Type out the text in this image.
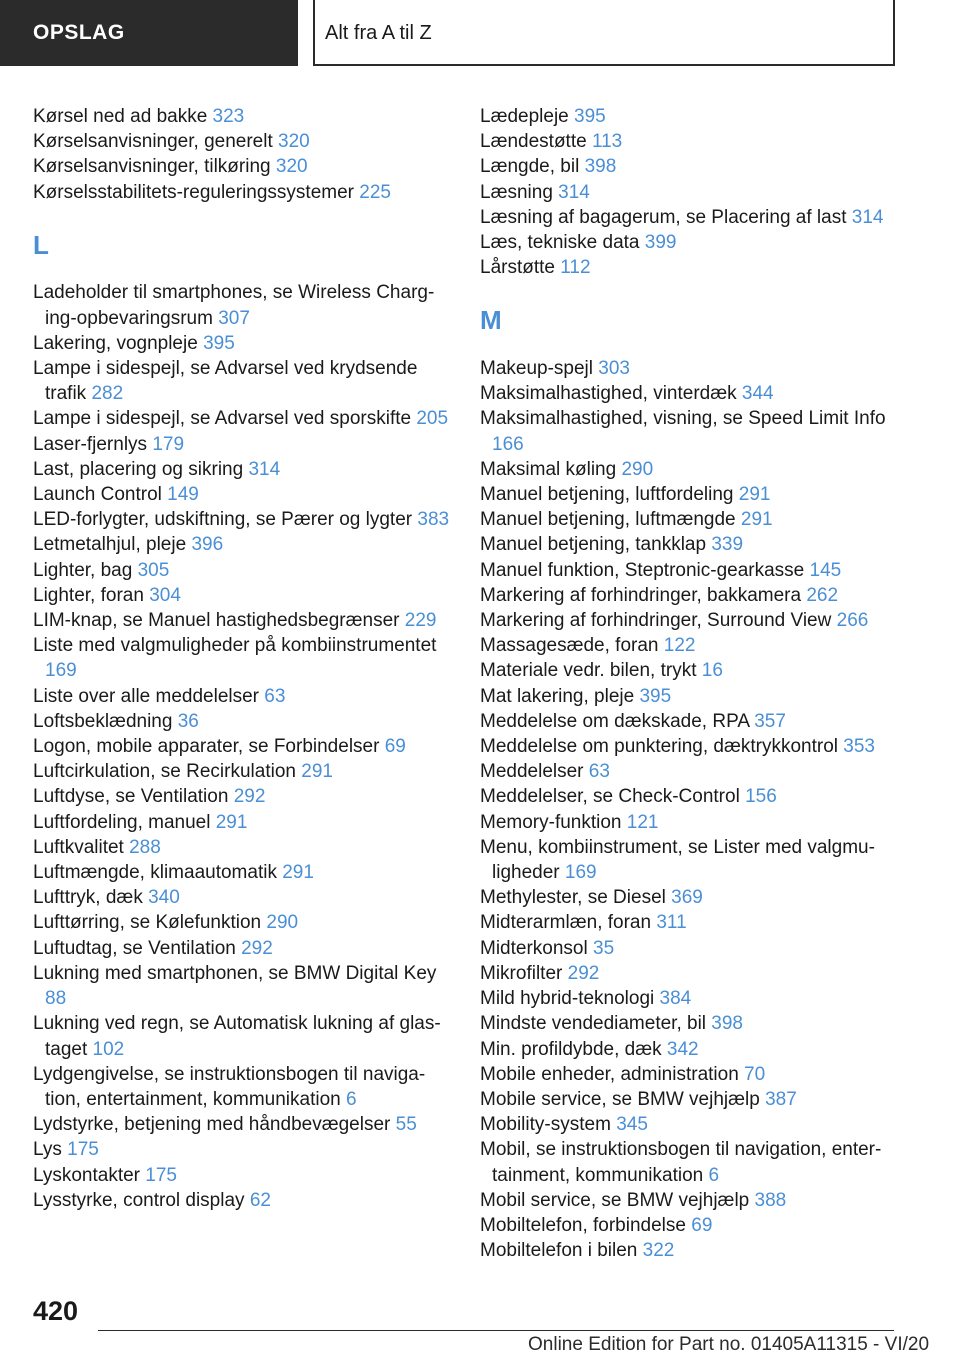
OPSLAG	Alt fra A til Z
Kørsel ned ad bakke 323
Kørselsanvisninger, generelt 320
Kørselsanvisninger, tilkøring 320
Kørselsstabilitets-reguleringssystemer 225
L
Ladeholder til smartphones, se Wireless Charging-opbevaringsrum 307
Lakering, vognpleje 395
Lampe i sidespejl, se Advarsel ved krydsende trafik 282
Lampe i sidespejl, se Advarsel ved sporskifte 205
Laser-fjernlys 179
Last, placering og sikring 314
Launch Control 149
LED-forlygter, udskiftning, se Pærer og lygter 383
Letmetalhjul, pleje 396
Lighter, bag 305
Lighter, foran 304
LIM-knap, se Manuel hastighedsbegrænser 229
Liste med valgmuligheder på kombiinstrumentet 169
Liste over alle meddelelser 63
Loftsbeklædning 36
Logon, mobile apparater, se Forbindelser 69
Luftcirkulation, se Recirkulation 291
Luftdyse, se Ventilation 292
Luftfordeling, manuel 291
Luftkvalitet 288
Luftmængde, klimaautomatik 291
Lufttryk, dæk 340
Lufttørring, se Kølefunktion 290
Luftudtag, se Ventilation 292
Lukning med smartphonen, se BMW Digital Key 88
Lukning ved regn, se Automatisk lukning af glastaget 102
Lydgengivelse, se instruktionsbogen til navigation, entertainment, kommunikation 6
Lydstyrke, betjening med håndbevægelser 55
Lys 175
Lyskontakter 175
Lysstyrke, control display 62
Lædepleje 395
Lændestøtte 113
Længde, bil 398
Læsning 314
Læsning af bagagerum, se Placering af last 314
Læs, tekniske data 399
Lårstøtte 112
M
Makeup-spejl 303
Maksimalhastighed, vinterdæk 344
Maksimalhastighed, visning, se Speed Limit Info 166
Maksimal køling 290
Manuel betjening, luftfordeling 291
Manuel betjening, luftmængde 291
Manuel betjening, tankklap 339
Manuel funktion, Steptronic-gearkasse 145
Markering af forhindringer, bakkamera 262
Markering af forhindringer, Surround View 266
Massagesæde, foran 122
Materiale vedr. bilen, trykt 16
Mat lakering, pleje 395
Meddelelse om dækskade, RPA 357
Meddelelse om punktering, dæktrykkontrol 353
Meddelelser 63
Meddelelser, se Check-Control 156
Memory-funktion 121
Menu, kombiinstrument, se Lister med valgmuligheder 169
Methylester, se Diesel 369
Midterarmlæn, foran 311
Midterkonsol 35
Mikrofilter 292
Mild hybrid-teknologi 384
Mindste vendediameter, bil 398
Min. profildybde, dæk 342
Mobile enheder, administration 70
Mobile service, se BMW vejhjælp 387
Mobility-system 345
Mobil, se instruktionsbogen til navigation, entertainment, kommunikation 6
Mobil service, se BMW vejhjælp 388
Mobiltelefon, forbindelse 69
Mobiltelefon i bilen 322
420
Online Edition for Part no. 01405A11315 - VI/20
